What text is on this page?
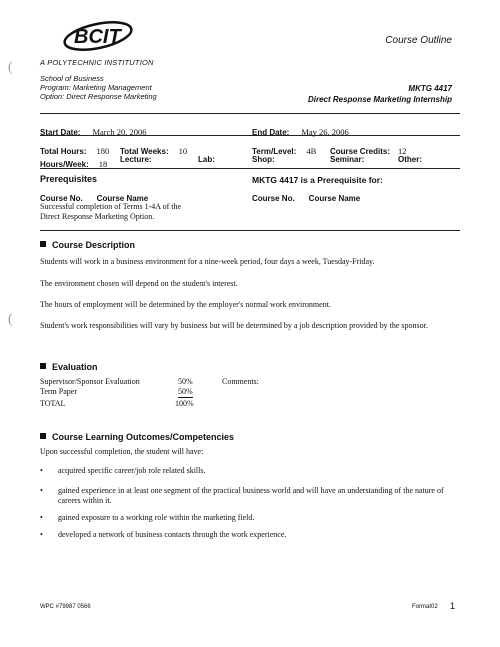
BCIT
A POLYTECHNIC INSTITUTION
Course Outline
(
(
School of Business
Program: Marketing Management
Option: Direct Response Marketing
MKTG 4417
Direct Response Marketing Internship
Start Date: March 20, 2006	End Date: May 26, 2006
Total Hours: 180 Total Weeks: 10	Term/Level: 4B Course Credits: 12
Hours/Week: 18 Lecture:	Lab:	Shop:	Seminar:	Other:
Prerequisites
Course No. Course Name
Successful completion of Terms 1-4A of the
Direct Response Marketing Option.
MKTG 4417 is a Prerequisite for:
Course No. Course Name
Course Description
Students will work in a business environment for a nine-week period, four days a week, Tuesday-Friday.
The environment chosen will depend on the student's interest.
The hours of employment will be determined by the employer's normal work environment.
Student's work responsibilities will vary by business but will be determined by a job description provided by the sponsor.
Evaluation
Supervisor/Sponsor Evaluation	50%
Term Paper	50%
TOTAL	100%
Comments:
Course Learning Outcomes/Competencies
Upon successful completion, the student will have:
• acquired specific career/job role related skills.
• gained experience in at least one segment of the practical business world and will have an understanding of the nature of careers within it.
• gained exposure to a working role within the marketing field.
• developed a network of business contacts through the work experience.
WPC #79987 0566	Format02 1
